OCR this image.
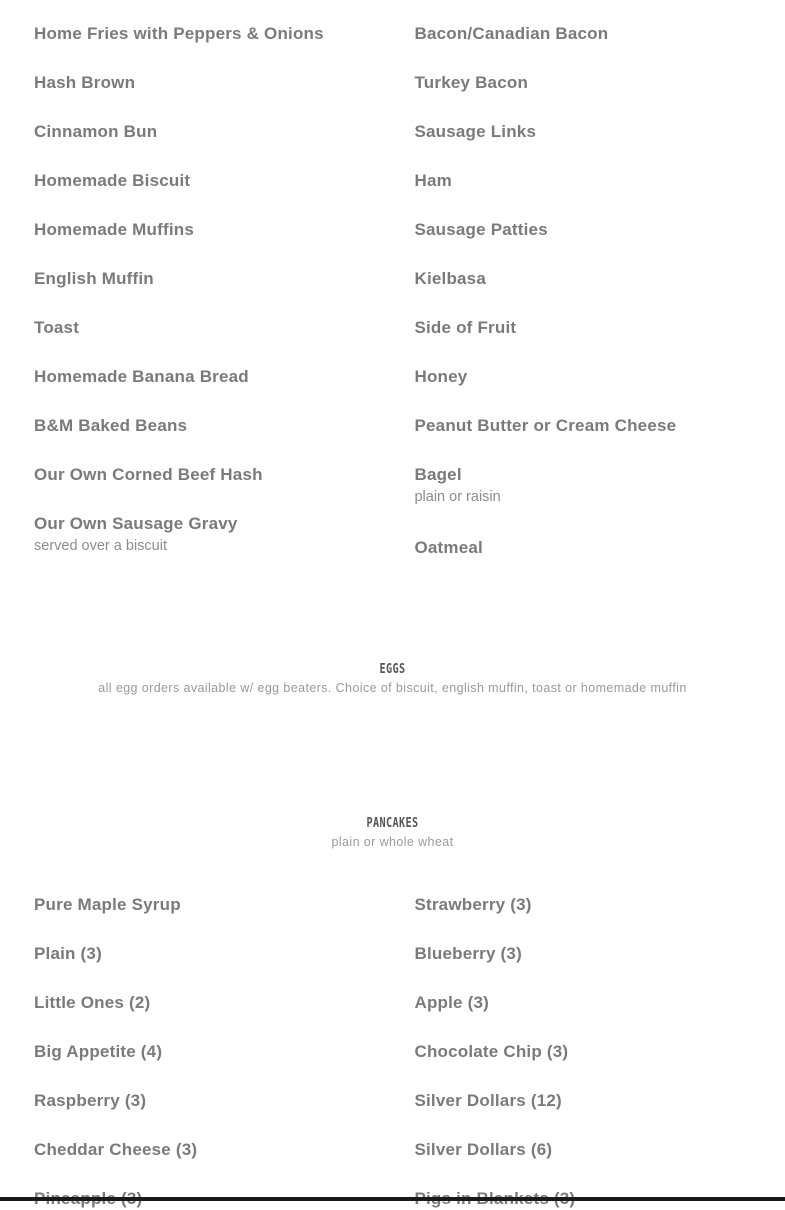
Home Fries with Peppers & Onions
Hash Brown
Cinnamon Bun
Homemade Biscuit
Homemade Muffins
English Muffin
Toast
Homemade Banana Bread
B&M Baked Beans
Our Own Corned Beef Hash
Our Own Sausage Gravy
served over a biscuit
Bacon/Canadian Bacon
Turkey Bacon
Sausage Links
Ham
Sausage Patties
Kielbasa
Side of Fruit
Honey
Peanut Butter or Cream Cheese
Bagel
plain or raisin
Oatmeal
EGGS
all egg orders available w/ egg beaters. Choice of biscuit, english muffin, toast or homemade muffin
PANCAKES
plain or whole wheat
Pure Maple Syrup
Plain (3)
Little Ones (2)
Big Appetite (4)
Raspberry (3)
Cheddar Cheese (3)
Strawberry (3)
Blueberry (3)
Apple (3)
Chocolate Chip (3)
Silver Dollars (12)
Silver Dollars (6)
